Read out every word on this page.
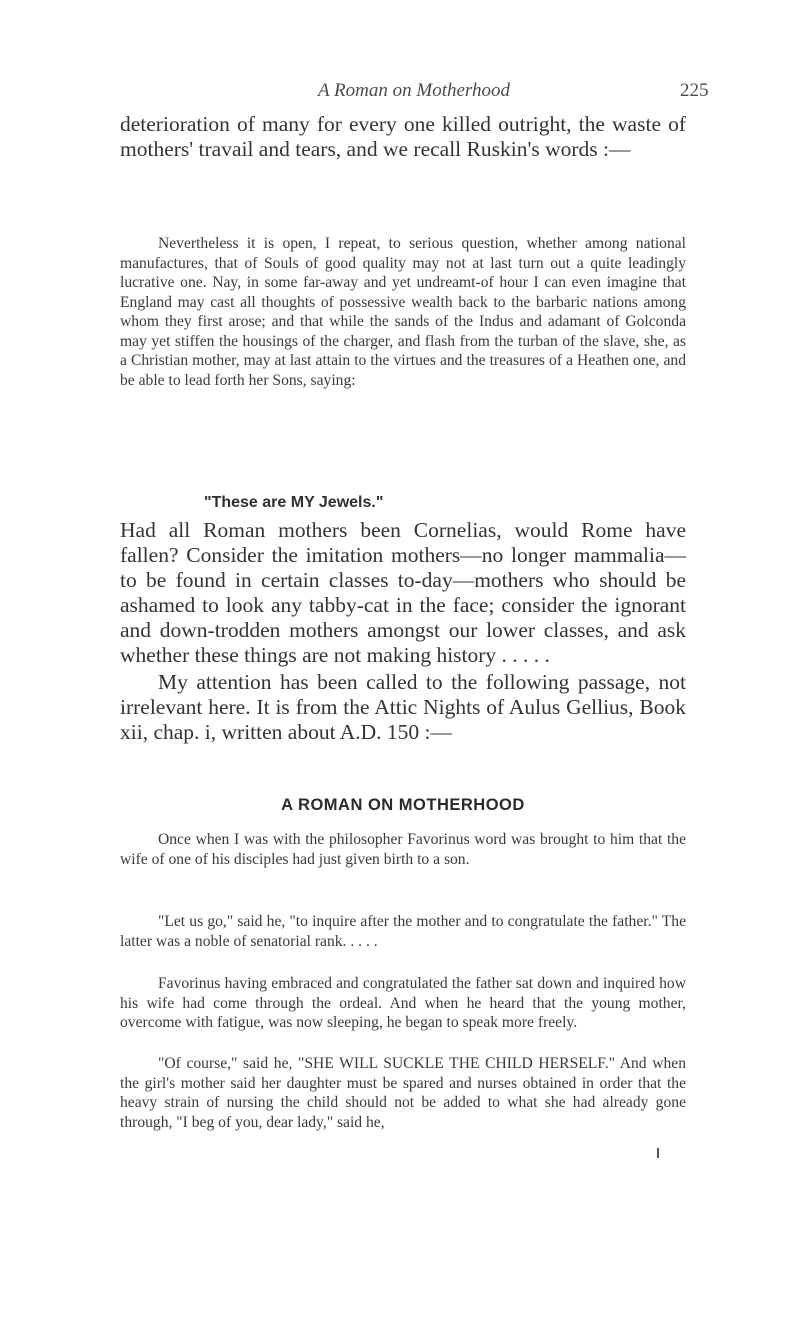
A Roman on Motherhood	225

deterioration of many for every one killed outright, the waste of mothers' travail and tears, and we recall Ruskin's words :—

Nevertheless it is open, I repeat, to serious question, whether among national manufactures, that of Souls of good quality may not at last turn out a quite leadingly lucrative one. Nay, in some far-away and yet undreamt-of hour I can even imagine that England may cast all thoughts of possessive wealth back to the barbaric nations among whom they first arose; and that while the sands of the Indus and adamant of Golconda may yet stiffen the housings of the charger, and flash from the turban of the slave, she, as a Christian mother, may at last attain to the virtues and the treasures of a Heathen one, and be able to lead forth her Sons, saying:

"These are MY Jewels."

Had all Roman mothers been Cornelias, would Rome have fallen? Consider the imitation mothers—no longer mammalia—to be found in certain classes to-day—mothers who should be ashamed to look any tabby-cat in the face; consider the ignorant and down-trodden mothers amongst our lower classes, and ask whether these things are not making history . . . . .

My attention has been called to the following passage, not irrelevant here. It is from the Attic Nights of Aulus Gellius, Book xii, chap. i, written about A.D. 150 :—

A ROMAN ON MOTHERHOOD

Once when I was with the philosopher Favorinus word was brought to him that the wife of one of his disciples had just given birth to a son.

"Let us go," said he, "to inquire after the mother and to congratulate the father." The latter was a noble of senatorial rank. . . . .

Favorinus having embraced and congratulated the father sat down and inquired how his wife had come through the ordeal. And when he heard that the young mother, overcome with fatigue, was now sleeping, he began to speak more freely.

"Of course," said he, "SHE WILL SUCKLE THE CHILD HERSELF." And when the girl's mother said her daughter must be spared and nurses obtained in order that the heavy strain of nursing the child should not be added to what she had already gone through, "I beg of you, dear lady," said he,
